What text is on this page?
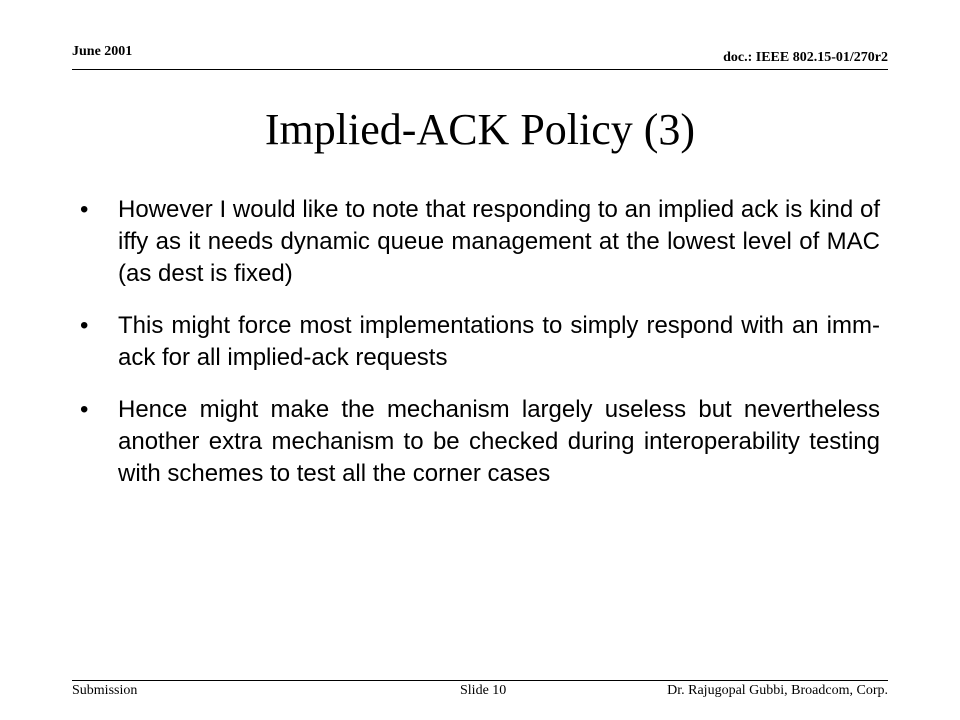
June 2001	doc.: IEEE 802.15-01/270r2
Implied-ACK Policy (3)
• However I would like to note that responding to an implied ack is kind of iffy as it needs dynamic queue management at the lowest level of MAC (as dest is fixed)
• This might force most implementations to simply respond with an imm-ack for all implied-ack requests
• Hence might make the mechanism largely useless but nevertheless another extra mechanism to be checked during interoperability testing with schemes to test all the corner cases
Submission	Slide 10	Dr. Rajugopal Gubbi, Broadcom, Corp.
